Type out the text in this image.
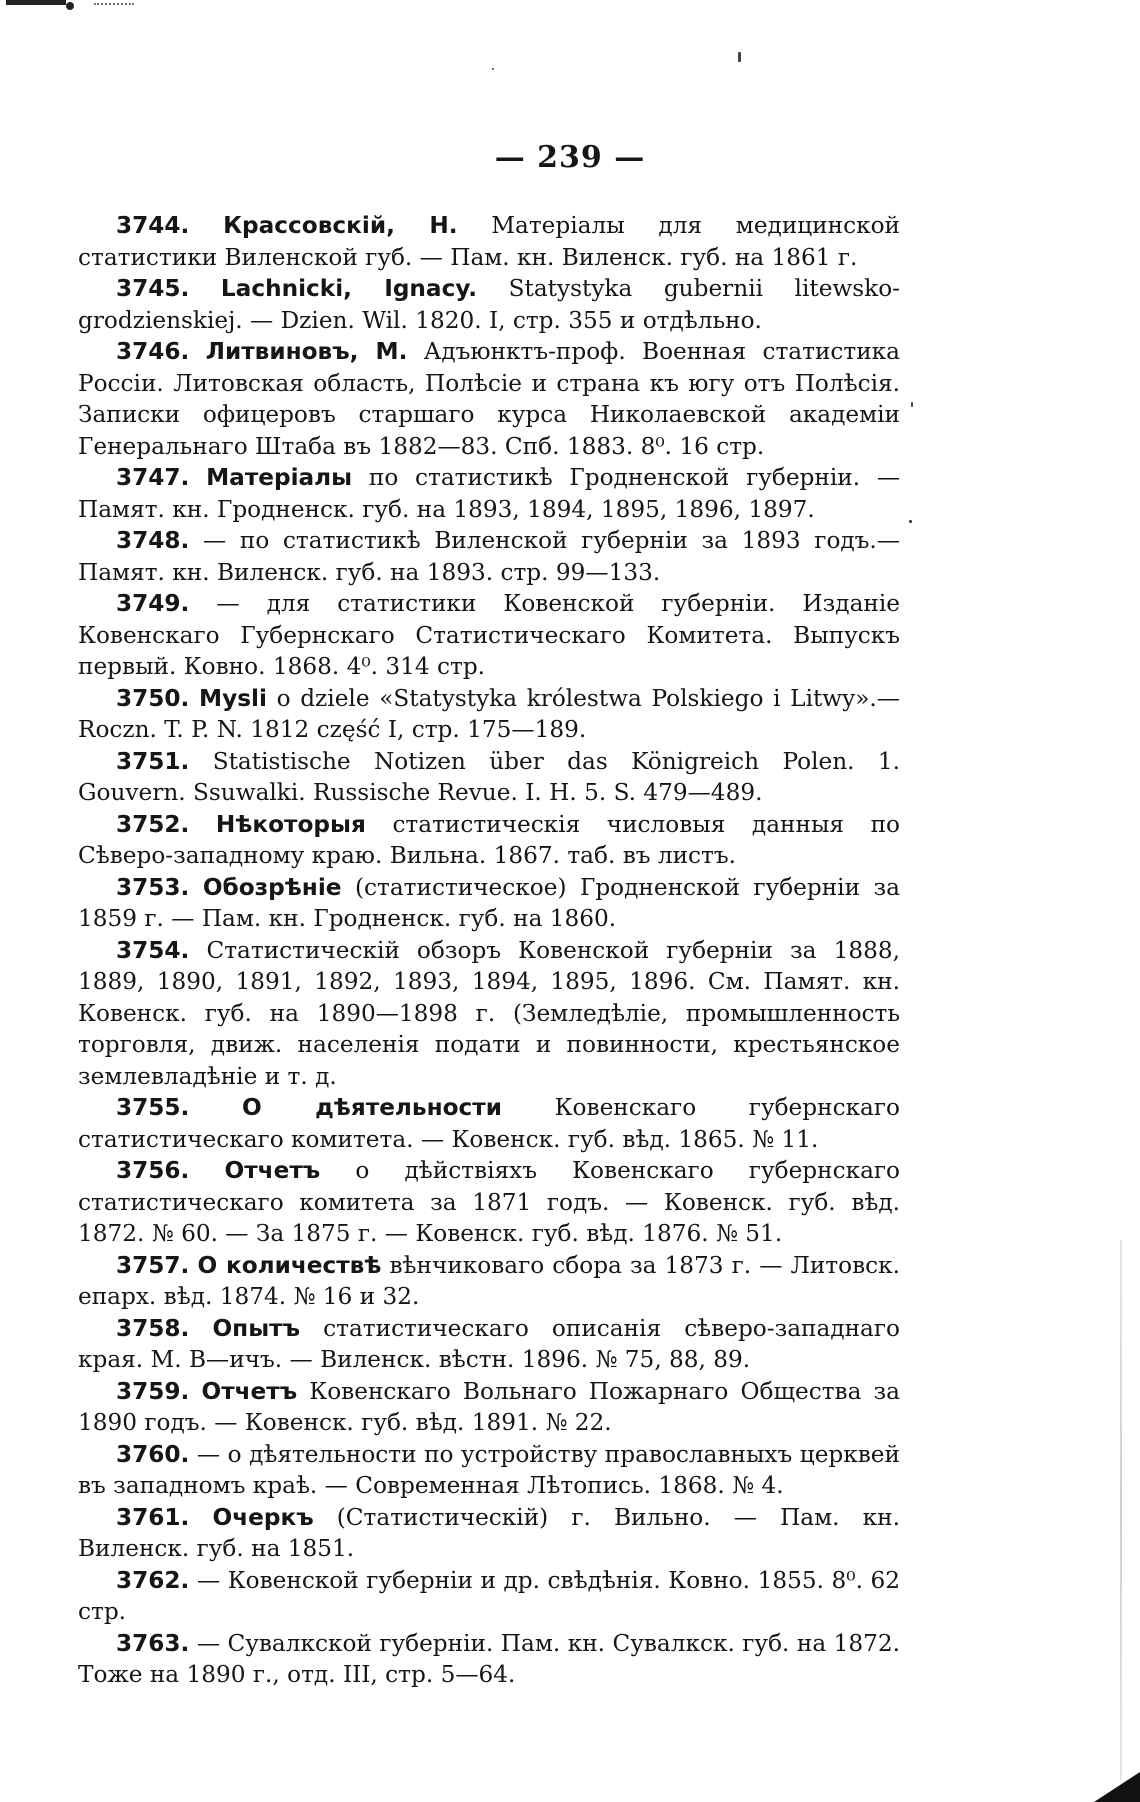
— 239 —

3744. Крассовскій, Н. Матеріалы для медицинской статистики Виленской губ. — Пам. кн. Виленск. губ. на 1861 г.

3745. Lachnicki, Ignacy. Statystyka gubernii litewsko-grodzienskiej. — Dzien. Wil. 1820. I, стр. 355 и отдѣльно.

3746. Литвиновъ, М. Адъюнктъ-проф. Военная статистика Россіи. Литовская область, Полѣсіе и страна къ югу отъ Полѣсія. Записки офицеровъ старшаго курса Николаевской академіи Генеральнаго Штаба въ 1882—83. Спб. 1883. 8⁰. 16 стр.

3747. Матеріалы по статистикѣ Гродненской губерніи. — Памят. кн. Гродненск. губ. на 1893, 1894, 1895, 1896, 1897.

3748. — по статистикѣ Виленской губерніи за 1893 годъ.— Памят. кн. Виленск. губ. на 1893. стр. 99—133.

3749. — для статистики Ковенской губерніи. Изданіе Ковенскаго Губернскаго Статистическаго Комитета. Выпускъ первый. Ковно. 1868. 4⁰. 314 стр.

3750. Mysli o dziele «Statystyka królestwa Polskiego i Litwy».— Roczn. T. P. N. 1812 część I, стр. 175—189.

3751. Statistische Notizen über das Königreich Polen. 1. Gouvern. Ssuwalki. Russische Revue. I. H. 5. S. 479—489.

3752. Нѣкоторыя статистическія числовыя данныя по Сѣверо-западному краю. Вильна. 1867. таб. въ листъ.

3753. Обозрѣніе (статистическое) Гродненской губерніи за 1859 г. — Пам. кн. Гродненск. губ. на 1860.

3754. Статистическій обзоръ Ковенской губерніи за 1888, 1889, 1890, 1891, 1892, 1893, 1894, 1895, 1896. См. Памят. кн. Ковенск. губ. на 1890—1898 г. (Земледѣліе, промышленность торговля, движ. населенія подати и повинности, крестьянское землевладѣніе и т. д.

3755. О дѣятельности Ковенскаго губернскаго статистическаго комитета. — Ковенск. губ. вѣд. 1865. № 11.

3756. Отчетъ о дѣйствіяхъ Ковенскаго губернскаго статистическаго комитета за 1871 годъ. — Ковенск. губ. вѣд. 1872. № 60. — За 1875 г. — Ковенск. губ. вѣд. 1876. № 51.

3757. О количествѣ вѣнчиковаго сбора за 1873 г. — Литовск. епарх. вѣд. 1874. № 16 и 32.

3758. Опытъ статистическаго описанія сѣверо-западнаго края. М. В—ичъ. — Виленск. вѣстн. 1896. № 75, 88, 89.

3759. Отчетъ Ковенскаго Вольнаго Пожарнаго Общества за 1890 годъ. — Ковенск. губ. вѣд. 1891. № 22.

3760. — о дѣятельности по устройству православныхъ церквей въ западномъ краѣ. — Современная Лѣтопись. 1868. № 4.

3761. Очеркъ (Статистическій) г. Вильно. — Пам. кн. Виленск. губ. на 1851.

3762. — Ковенской губерніи и др. свѣдѣнія. Ковно. 1855. 8⁰. 62 стр.

3763. — Сувалкской губерніи. Пам. кн. Сувалкск. губ. на 1872. Тоже на 1890 г., отд. III, стр. 5—64.
